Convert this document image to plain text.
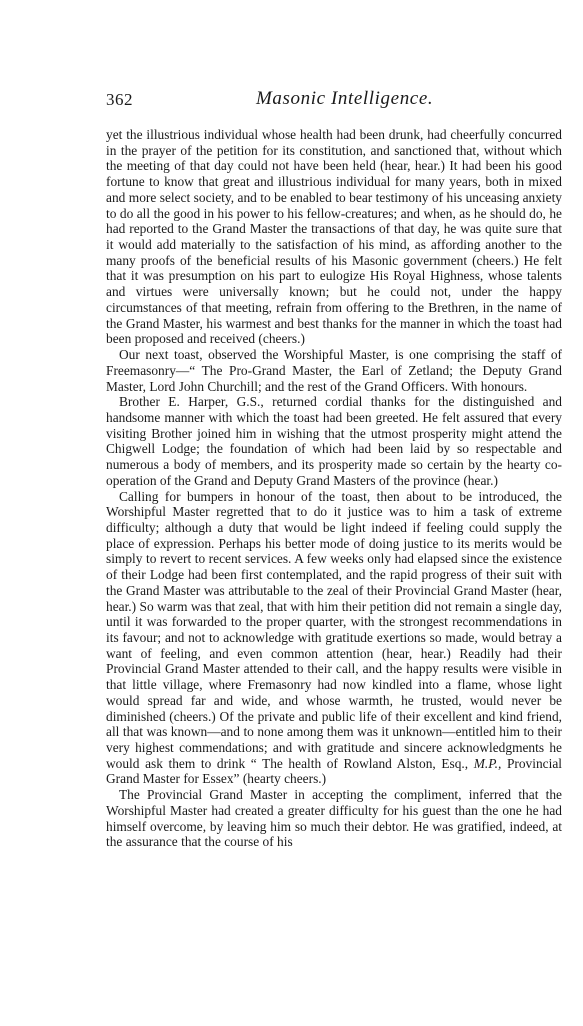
362	Masonic Intelligence.

yet the illustrious individual whose health had been drunk, had cheerfully concurred in the prayer of the petition for its constitution, and sanctioned that, without which the meeting of that day could not have been held (hear, hear.) It had been his good fortune to know that great and illustrious individual for many years, both in mixed and more select society, and to be enabled to bear testimony of his unceasing anxiety to do all the good in his power to his fellow-creatures; and when, as he should do, he had reported to the Grand Master the transactions of that day, he was quite sure that it would add materially to the satisfaction of his mind, as affording another to the many proofs of the beneficial results of his Masonic government (cheers.) He felt that it was presumption on his part to eulogize His Royal Highness, whose talents and virtues were universally known; but he could not, under the happy circumstances of that meeting, refrain from offering to the Brethren, in the name of the Grand Master, his warmest and best thanks for the manner in which the toast had been proposed and received (cheers.)

Our next toast, observed the Worshipful Master, is one comprising the staff of Freemasonry—“ The Pro-Grand Master, the Earl of Zetland; the Deputy Grand Master, Lord John Churchill; and the rest of the Grand Officers. With honours.

Brother E. Harper, G.S., returned cordial thanks for the distinguished and handsome manner with which the toast had been greeted. He felt assured that every visiting Brother joined him in wishing that the utmost prosperity might attend the Chigwell Lodge; the foundation of which had been laid by so respectable and numerous a body of members, and its prosperity made so certain by the hearty co-operation of the Grand and Deputy Grand Masters of the province (hear.)

Calling for bumpers in honour of the toast, then about to be introduced, the Worshipful Master regretted that to do it justice was to him a task of extreme difficulty; although a duty that would be light indeed if feeling could supply the place of expression. Perhaps his better mode of doing justice to its merits would be simply to revert to recent services. A few weeks only had elapsed since the existence of their Lodge had been first contemplated, and the rapid progress of their suit with the Grand Master was attributable to the zeal of their Provincial Grand Master (hear, hear.) So warm was that zeal, that with him their petition did not remain a single day, until it was forwarded to the proper quarter, with the strongest recommendations in its favour; and not to acknowledge with gratitude exertions so made, would betray a want of feeling, and even common attention (hear, hear.) Readily had their Provincial Grand Master attended to their call, and the happy results were visible in that little village, where Fremasonry had now kindled into a flame, whose light would spread far and wide, and whose warmth, he trusted, would never be diminished (cheers.) Of the private and public life of their excellent and kind friend, all that was known—and to none among them was it unknown—entitled him to their very highest commendations; and with gratitude and sincere acknowledgments he would ask them to drink “ The health of Rowland Alston, Esq., M.P., Provincial Grand Master for Essex” (hearty cheers.)

The Provincial Grand Master in accepting the compliment, inferred that the Worshipful Master had created a greater difficulty for his guest than the one he had himself overcome, by leaving him so much their debtor. He was gratified, indeed, at the assurance that the course of his
